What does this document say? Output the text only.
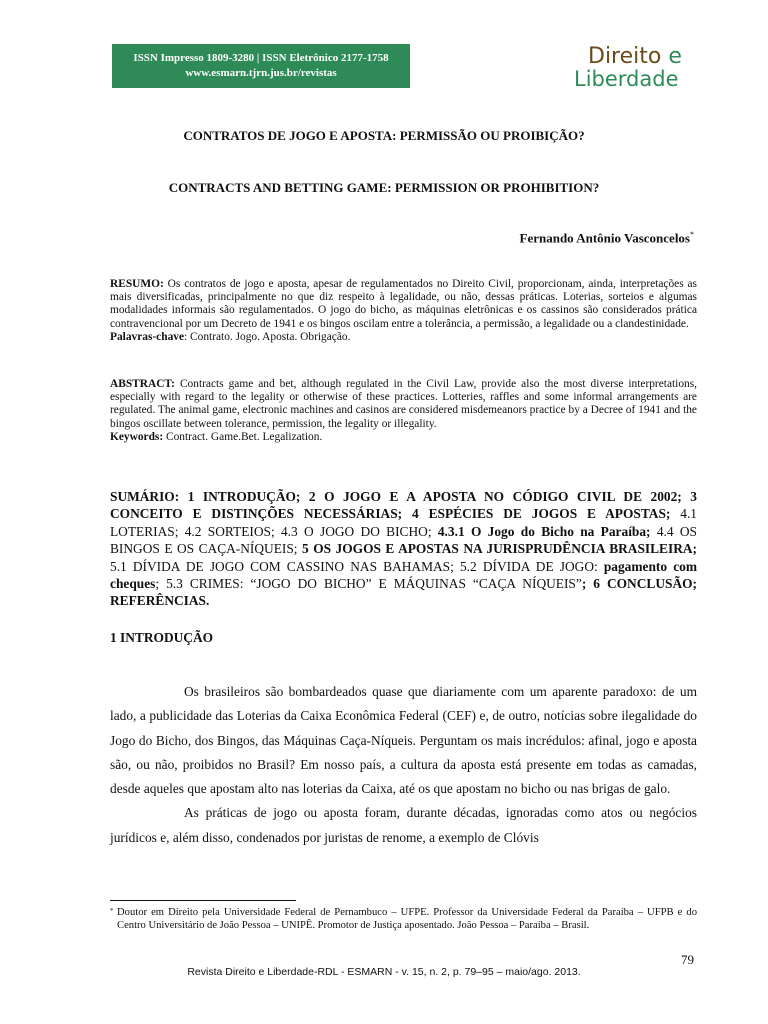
ISSN Impresso 1809-3280 | ISSN Eletrônico 2177-1758
www.esmarn.tjrn.jus.br/revistas
Direito e
Liberdade
CONTRATOS DE JOGO E APOSTA: PERMISSÃO OU PROIBIÇÃO?
CONTRACTS AND BETTING GAME: PERMISSION OR PROHIBITION?
Fernando Antônio Vasconcelos*
RESUMO: Os contratos de jogo e aposta, apesar de regulamentados no Direito Civil, proporcionam, ainda, interpretações as mais diversificadas, principalmente no que diz respeito à legalidade, ou não, dessas práticas. Loterias, sorteios e algumas modalidades informais são regulamentados. O jogo do bicho, as máquinas eletrônicas e os cassinos são considerados prática contravencional por um Decreto de 1941 e os bingos oscilam entre a tolerância, a permissão, a legalidade ou a clandestinidade.
Palavras-chave: Contrato. Jogo. Aposta. Obrigação.
ABSTRACT: Contracts game and bet, although regulated in the Civil Law, provide also the most diverse interpretations, especially with regard to the legality or otherwise of these practices. Lotteries, raffles and some informal arrangements are regulated. The animal game, electronic machines and casinos are considered misdemeanors practice by a Decree of 1941 and the bingos oscillate between tolerance, permission, the legality or illegality.
Keywords: Contract. Game.Bet. Legalization.
SUMÁRIO: 1 INTRODUÇÃO; 2 O JOGO E A APOSTA NO CÓDIGO CIVIL DE 2002; 3 CONCEITO E DISTINÇÕES NECESSÁRIAS; 4 ESPÉCIES DE JOGOS E APOSTAS; 4.1 LOTERIAS; 4.2 SORTEIOS; 4.3 O JOGO DO BICHO; 4.3.1 O Jogo do Bicho na Paraíba; 4.4 OS BINGOS E OS CAÇA-NÍQUEIS; 5 OS JOGOS E APOSTAS NA JURISPRUDÊNCIA BRASILEIRA; 5.1 DÍVIDA DE JOGO COM CASSINO NAS BAHAMAS; 5.2 DÍVIDA DE JOGO: pagamento com cheques; 5.3 CRIMES: “JOGO DO BICHO” E MÁQUINAS “CAÇA NÍQUEIS”; 6 CONCLUSÃO; REFERÊNCIAS.
1 INTRODUÇÃO

Os brasileiros são bombardeados quase que diariamente com um aparente paradoxo: de um lado, a publicidade das Loterias da Caixa Econômica Federal (CEF) e, de outro, notícias sobre ilegalidade do Jogo do Bicho, dos Bingos, das Máquinas Caça-Níqueis. Perguntam os mais incrédulos: afinal, jogo e aposta são, ou não, proibidos no Brasil? Em nosso país, a cultura da aposta está presente em todas as camadas, desde aqueles que apostam alto nas loterias da Caixa, até os que apostam no bicho ou nas brigas de galo.

As práticas de jogo ou aposta foram, durante décadas, ignoradas como atos ou negócios jurídicos e, além disso, condenados por juristas de renome, a exemplo de Clóvis

* Doutor em Direito pela Universidade Federal de Pernambuco – UFPE. Professor da Universidade Federal da Paraíba – UFPB e do Centro Universitário de João Pessoa – UNIPÊ. Promotor de Justiça aposentado. João Pessoa – Paraíba – Brasil.
79
Revista Direito e Liberdade-RDL - ESMARN - v. 15, n. 2, p. 79–95 – maio/ago. 2013.
